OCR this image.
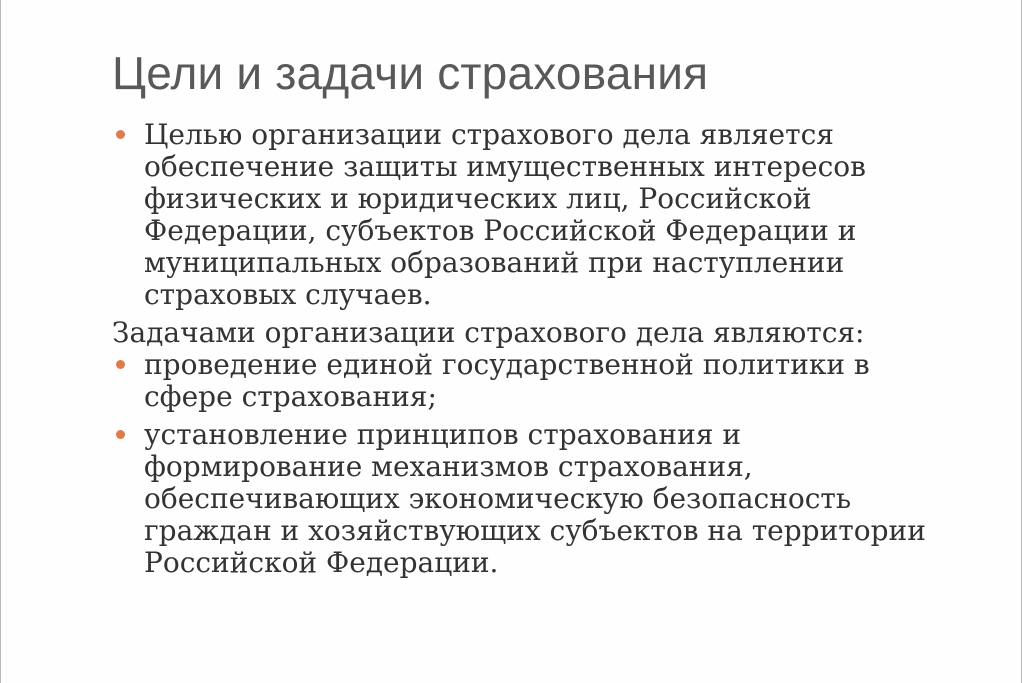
Цели и задачи страхования
Целью организации страхового дела является
обеспечение защиты имущественных интересов
физических и юридических лиц, Российской
Федерации, субъектов Российской Федерации и
муниципальных образований при наступлении
страховых случаев.
Задачами организации страхового дела являются:
проведение единой государственной политики в
сфере страхования;
установление принципов страхования и
формирование механизмов страхования,
обеспечивающих экономическую безопасность
граждан и хозяйствующих субъектов на территории
Российской Федерации.
